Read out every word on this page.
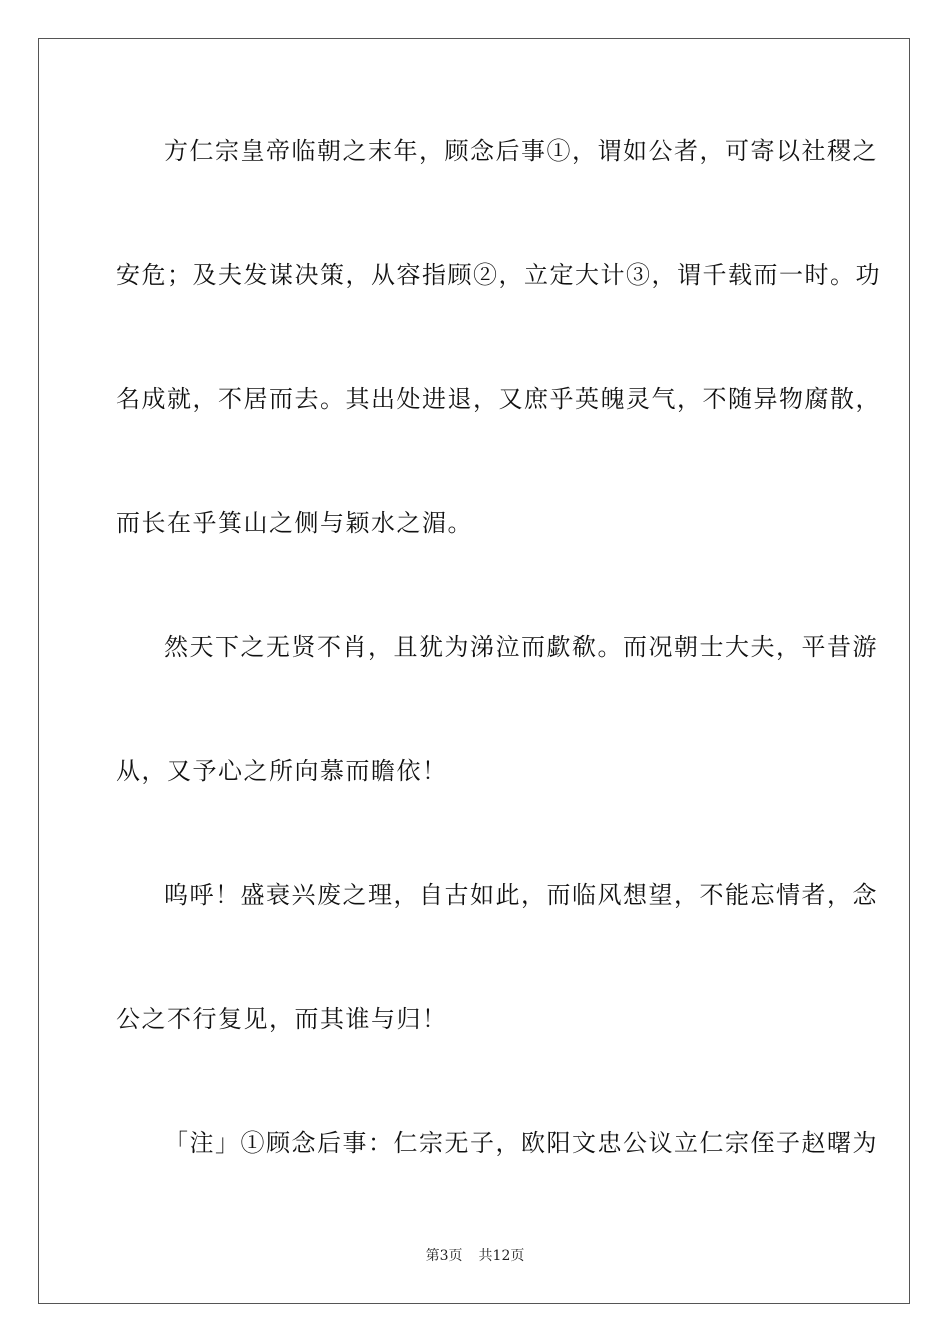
方仁宗皇帝临朝之末年，顾念后事①，谓如公者，可寄以社稷之
安危；及夫发谋决策，从容指顾②，立定大计③，谓千载而一时。功
名成就，不居而去。其出处进退，又庶乎英魄灵气，不随异物腐散，
而长在乎箕山之侧与颖水之湄。
然天下之无贤不肖，且犹为涕泣而歔欷。而况朝士大夫，平昔游
从，又予心之所向慕而瞻依！
呜呼！盛衰兴废之理，自古如此，而临风想望，不能忘情者，念
公之不行复见，而其谁与归！
「注」①顾念后事：仁宗无子，欧阳文忠公议立仁宗侄子赵曙为
第3页 共12页
